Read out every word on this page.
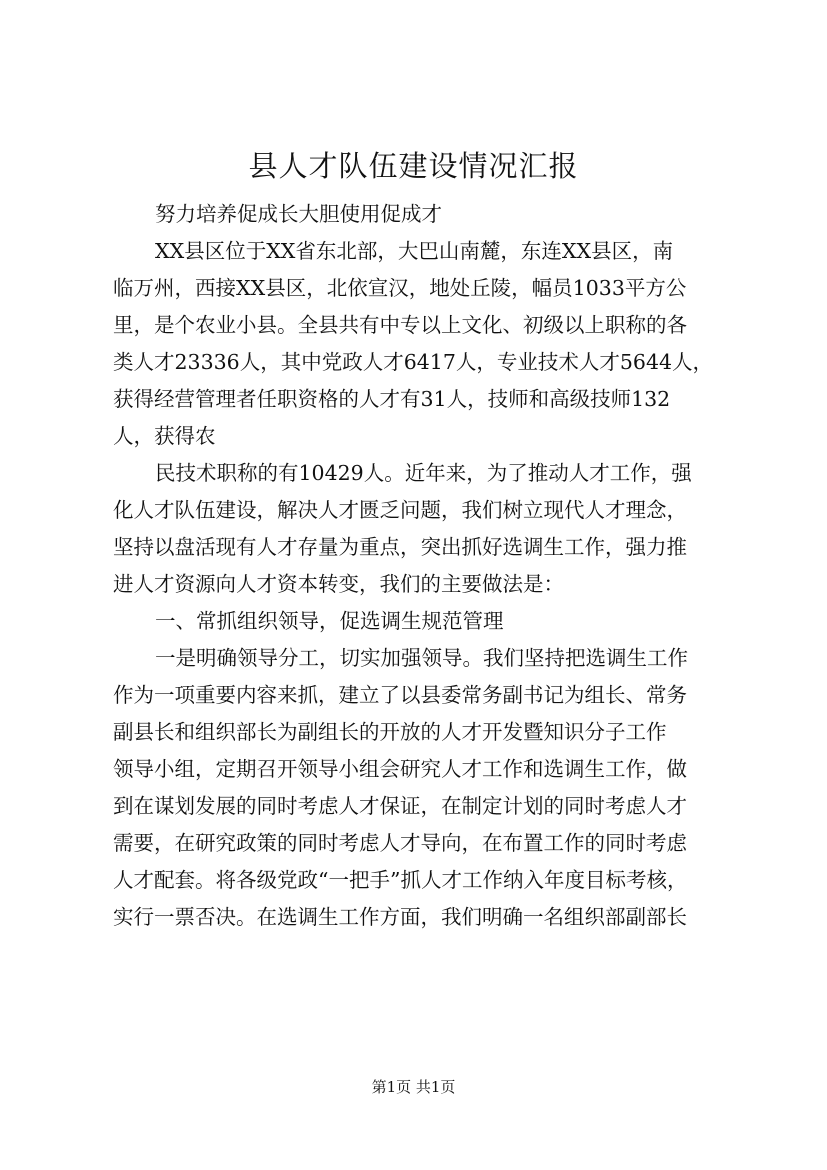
县人才队伍建设情况汇报
努力培养促成长大胆使用促成才
XX县区位于XX省东北部，大巴山南麓，东连XX县区，南
临万州，西接XX县区，北依宣汉，地处丘陵，幅员1033平方公
里，是个农业小县。全县共有中专以上文化、初级以上职称的各
类人才23336人，其中党政人才6417人，专业技术人才5644人，
获得经营管理者任职资格的人才有31人，技师和高级技师132
人，获得农
民技术职称的有10429人。近年来，为了推动人才工作，强
化人才队伍建设，解决人才匮乏问题，我们树立现代人才理念，
坚持以盘活现有人才存量为重点，突出抓好选调生工作，强力推
进人才资源向人才资本转变，我们的主要做法是：
一、常抓组织领导，促选调生规范管理
一是明确领导分工，切实加强领导。我们坚持把选调生工作
作为一项重要内容来抓，建立了以县委常务副书记为组长、常务
副县长和组织部长为副组长的开放的人才开发暨知识分子工作
领导小组，定期召开领导小组会研究人才工作和选调生工作，做
到在谋划发展的同时考虑人才保证，在制定计划的同时考虑人才
需要，在研究政策的同时考虑人才导向，在布置工作的同时考虑
人才配套。将各级党政“一把手”抓人才工作纳入年度目标考核，
实行一票否决。在选调生工作方面，我们明确一名组织部副部长
第1页 共1页
